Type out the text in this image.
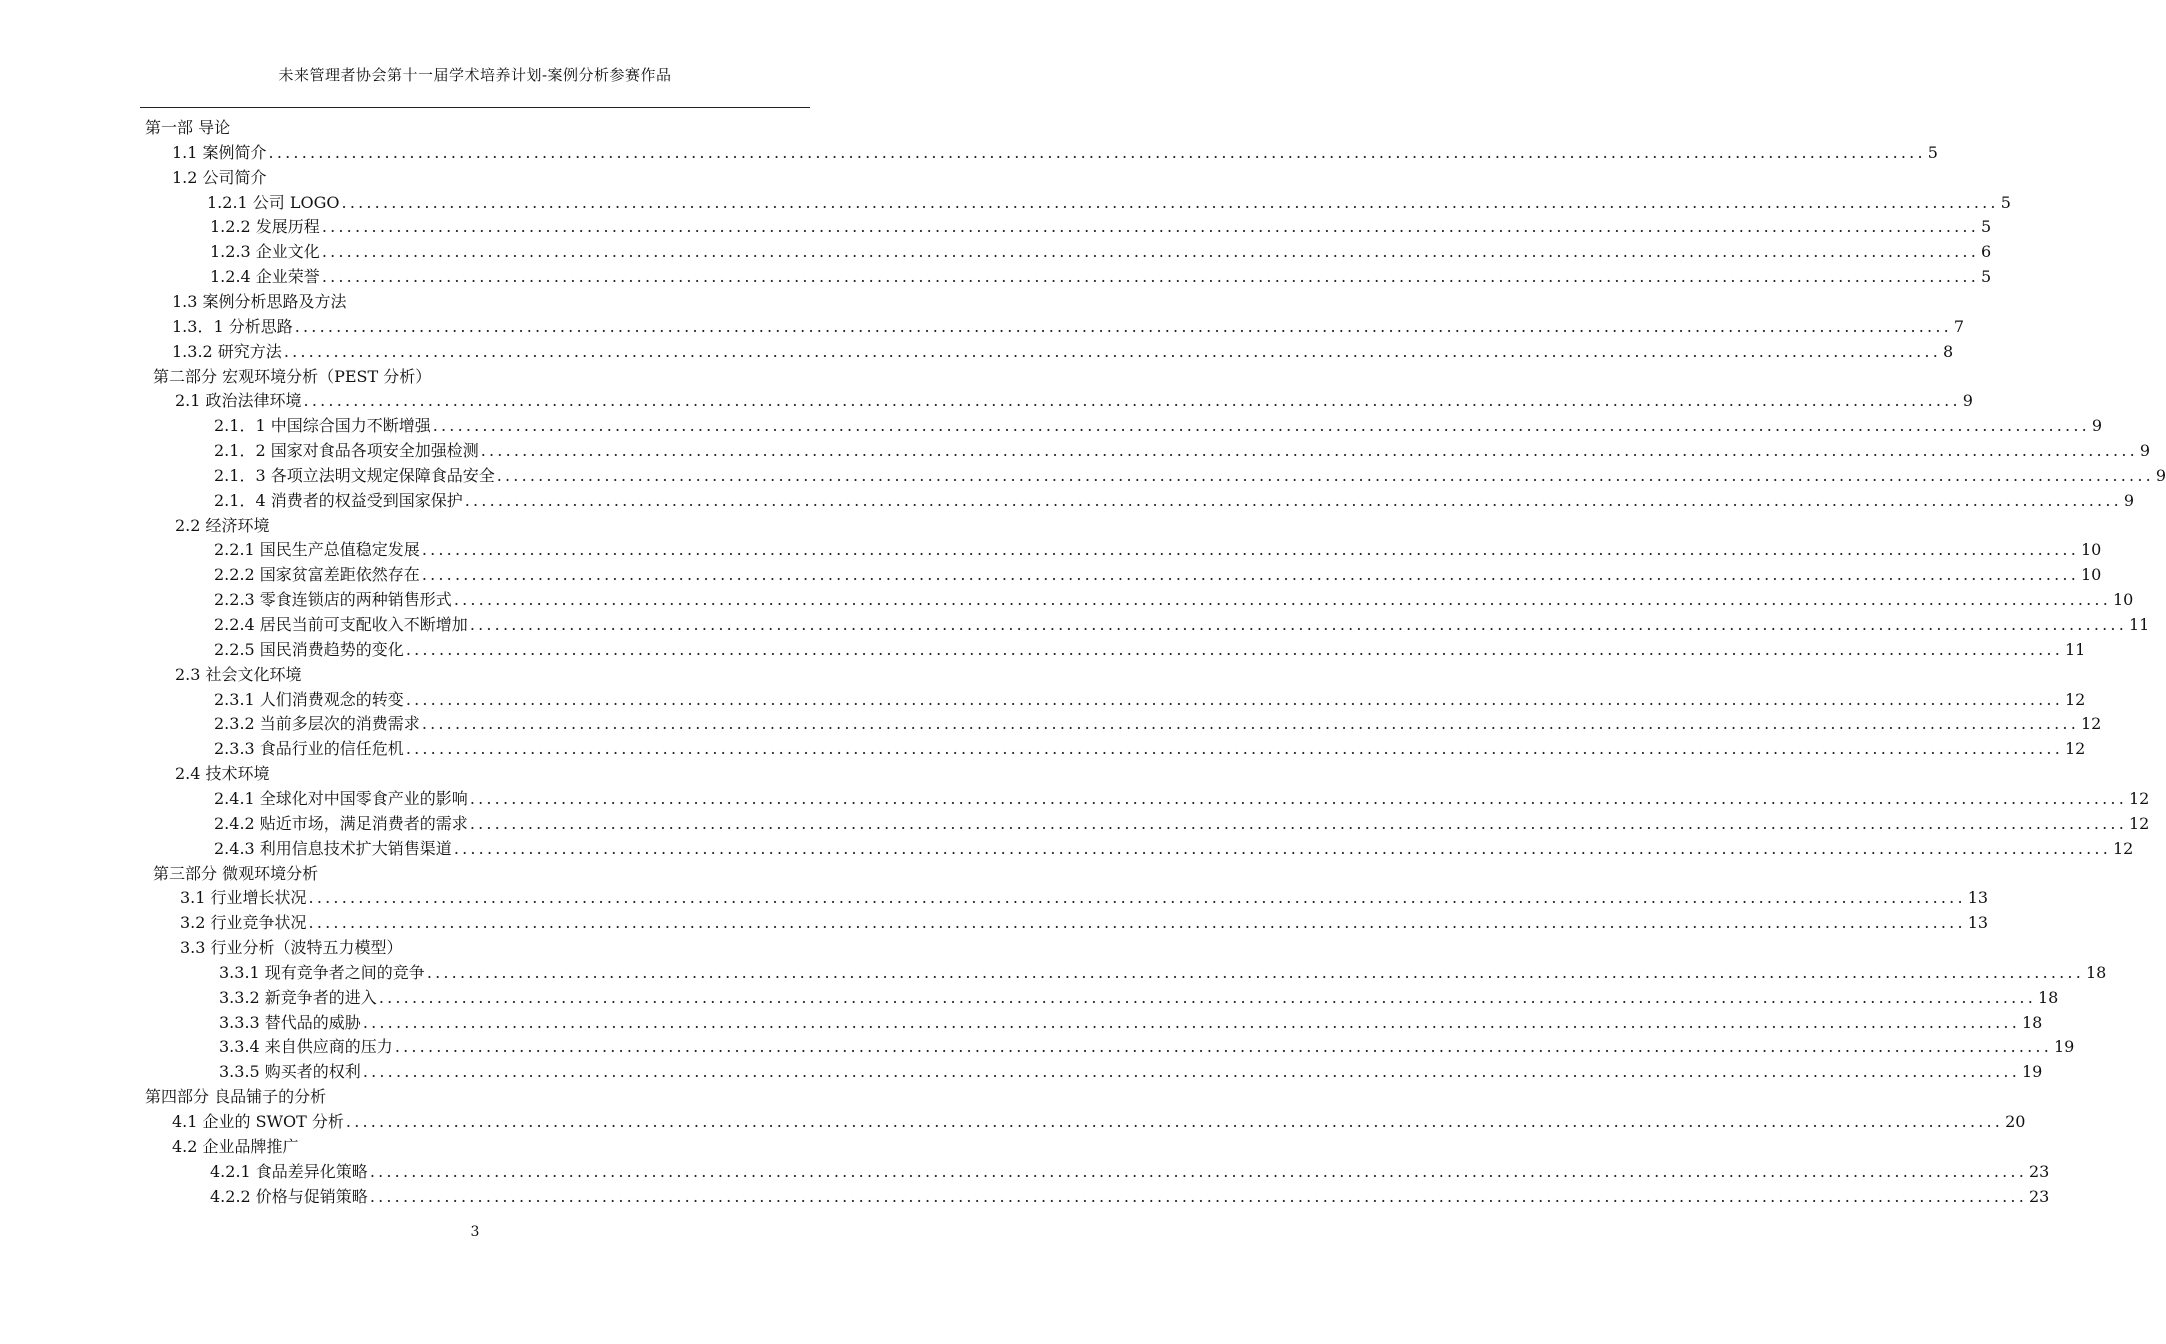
未来管理者协会第十一届学术培养计划-案例分析参赛作品
第一部 导论
1.1 案例简介 ........................................................................................................................................................................................................ 5
1.2 公司简介
1.2.1 公司 LOGO ........................................................................................................................................................................................................ 5
1.2.2 发展历程 ........................................................................................................................................................................................................ 5
1.2.3 企业文化 ........................................................................................................................................................................................................ 6
1.2.4 企业荣誉 ........................................................................................................................................................................................................ 5
1.3 案例分析思路及方法
1.3．1 分析思路 ........................................................................................................................................................................................................ 7
1.3.2 研究方法 ........................................................................................................................................................................................................ 8
第二部分 宏观环境分析（PEST 分析）
2.1 政治法律环境 ........................................................................................................................................................................................................ 9
2.1．1 中国综合国力不断增强 ........................................................................................................................................................................................................ 9
2.1．2 国家对食品各项安全加强检测 ........................................................................................................................................................................................................ 9
2.1．3 各项立法明文规定保障食品安全 ........................................................................................................................................................................................................ 9
2.1．4 消费者的权益受到国家保护 ........................................................................................................................................................................................................ 9
2.2 经济环境
2.2.1 国民生产总值稳定发展 ........................................................................................................................................................................................................ 10
2.2.2 国家贫富差距依然存在 ........................................................................................................................................................................................................ 10
2.2.3 零食连锁店的两种销售形式 ........................................................................................................................................................................................................ 10
2.2.4 居民当前可支配收入不断增加 ........................................................................................................................................................................................................ 11
2.2.5 国民消费趋势的变化 ........................................................................................................................................................................................................ 11
2.3 社会文化环境
2.3.1 人们消费观念的转变 ........................................................................................................................................................................................................ 12
2.3.2 当前多层次的消费需求 ........................................................................................................................................................................................................ 12
2.3.3 食品行业的信任危机 ........................................................................................................................................................................................................ 12
2.4 技术环境
2.4.1 全球化对中国零食产业的影响 ........................................................................................................................................................................................................ 12
2.4.2 贴近市场，满足消费者的需求 ........................................................................................................................................................................................................ 12
2.4.3 利用信息技术扩大销售渠道 ........................................................................................................................................................................................................ 12
第三部分 微观环境分析
3.1 行业增长状况 ........................................................................................................................................................................................................ 13
3.2 行业竞争状况 ........................................................................................................................................................................................................ 13
3.3 行业分析（波特五力模型）
3.3.1 现有竞争者之间的竞争 ........................................................................................................................................................................................................ 18
3.3.2 新竞争者的进入 ........................................................................................................................................................................................................ 18
3.3.3 替代品的威胁 ........................................................................................................................................................................................................ 18
3.3.4 来自供应商的压力 ........................................................................................................................................................................................................ 19
3.3.5 购买者的权利 ........................................................................................................................................................................................................ 19
第四部分 良品铺子的分析
4.1 企业的 SWOT 分析 ........................................................................................................................................................................................................ 20
4.2 企业品牌推广
4.2.1 食品差异化策略 ........................................................................................................................................................................................................ 23
4.2.2 价格与促销策略 ........................................................................................................................................................................................................ 23
3
